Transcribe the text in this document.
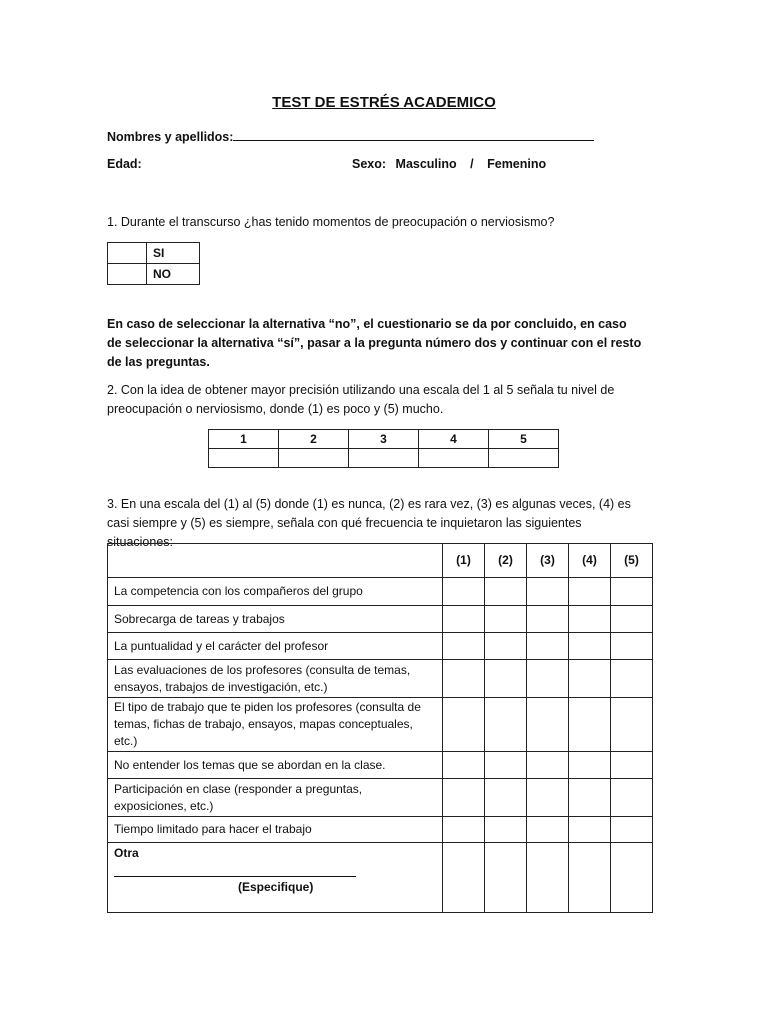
TEST DE ESTRÉS ACADEMICO
Nombres y apellidos:
Edad:	Sexo: Masculino / Femenino
1. Durante el transcurso ¿has tenido momentos de preocupación o nerviosismo?
	SI
	NO
En caso de seleccionar la alternativa “no”, el cuestionario se da por concluido, en caso de seleccionar la alternativa “sí”, pasar a la pregunta número dos y continuar con el resto de las preguntas.
2. Con la idea de obtener mayor precisión utilizando una escala del 1 al 5 señala tu nivel de preocupación o nerviosismo, donde (1) es poco y (5) mucho.
1	2	3	4	5

3. En una escala del (1) al (5) donde (1) es nunca, (2) es rara vez, (3) es algunas veces, (4) es casi siempre y (5) es siempre, señala con qué frecuencia te inquietaron las siguientes situaciones:
	(1)	(2)	(3)	(4)	(5)
La competencia con los compañeros del grupo					
Sobrecarga de tareas y trabajos					
La puntualidad y el carácter del profesor					
Las evaluaciones de los profesores (consulta de temas, ensayos, trabajos de investigación, etc.)					
El tipo de trabajo que te piden los profesores (consulta de temas, fichas de trabajo, ensayos, mapas conceptuales, etc.)					
No entender los temas que se abordan en la clase.					
Participación en clase (responder a preguntas, exposiciones, etc.)					
Tiempo limitado para hacer el trabajo					

Otra
(Especifique)					
